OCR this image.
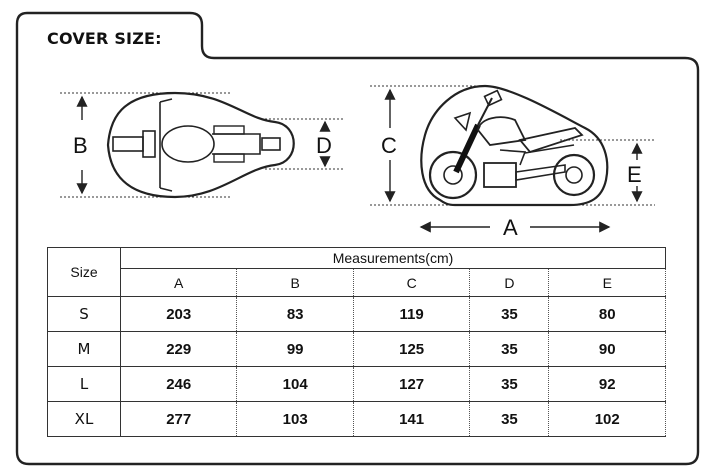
COVER SIZE:
B	D C
E
A
Size	Measurements(cm)				
	A	B	C	D	E
S	203	83	119	35	80
M	229	99	125	35	90
L	246	104	127	35	92
XL	277	103	141	35	102
